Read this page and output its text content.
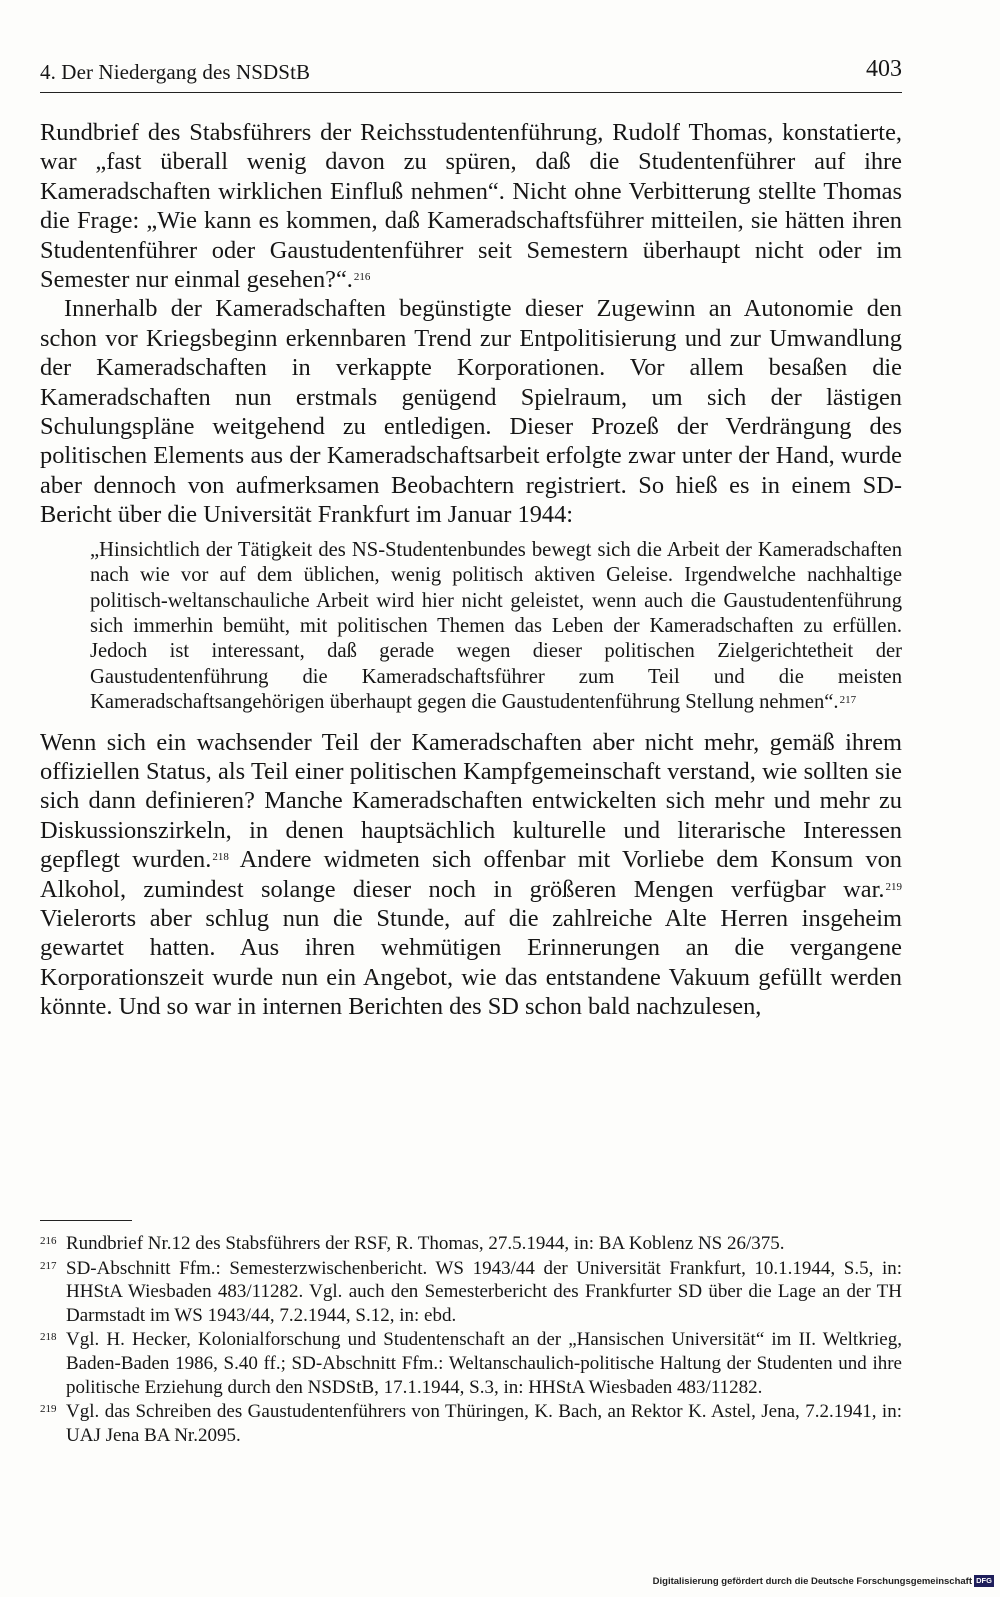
4. Der Niedergang des NSDStB	403

Rundbrief des Stabsführers der Reichsstudentenführung, Rudolf Thomas, konstatierte, war „fast überall wenig davon zu spüren, daß die Studentenführer auf ihre Kameradschaften wirklichen Einfluß nehmen“. Nicht ohne Verbitterung stellte Thomas die Frage: „Wie kann es kommen, daß Kameradschaftsführer mitteilen, sie hätten ihren Studentenführer oder Gaustudentenführer seit Semestern überhaupt nicht oder im Semester nur einmal gesehen?“.$^{216}$

Innerhalb der Kameradschaften begünstigte dieser Zugewinn an Autonomie den schon vor Kriegsbeginn erkennbaren Trend zur Entpolitisierung und zur Umwandlung der Kameradschaften in verkappte Korporationen. Vor allem besaßen die Kameradschaften nun erstmals genügend Spielraum, um sich der lästigen Schulungspläne weitgehend zu entledigen. Dieser Prozeß der Verdrängung des politischen Elements aus der Kameradschaftsarbeit erfolgte zwar unter der Hand, wurde aber dennoch von aufmerksamen Beobachtern registriert. So hieß es in einem SD-Bericht über die Universität Frankfurt im Januar 1944:

„Hinsichtlich der Tätigkeit des NS-Studentenbundes bewegt sich die Arbeit der Kameradschaften nach wie vor auf dem üblichen, wenig politisch aktiven Geleise. Irgendwelche nachhaltige politisch-weltanschauliche Arbeit wird hier nicht geleistet, wenn auch die Gaustudentenführung sich immerhin bemüht, mit politischen Themen das Leben der Kameradschaften zu erfüllen. Jedoch ist interessant, daß gerade wegen dieser politischen Zielgerichtetheit der Gaustudentenführung die Kameradschaftsführer zum Teil und die meisten Kameradschaftsangehörigen überhaupt gegen die Gaustudentenführung Stellung nehmen“.$^{217}$

Wenn sich ein wachsender Teil der Kameradschaften aber nicht mehr, gemäß ihrem offiziellen Status, als Teil einer politischen Kampfgemeinschaft verstand, wie sollten sie sich dann definieren? Manche Kameradschaften entwickelten sich mehr und mehr zu Diskussionszirkeln, in denen hauptsächlich kulturelle und literarische Interessen gepflegt wurden.$^{218}$ Andere widmeten sich offenbar mit Vorliebe dem Konsum von Alkohol, zumindest solange dieser noch in größeren Mengen verfügbar war.$^{219}$ Vielerorts aber schlug nun die Stunde, auf die zahlreiche Alte Herren insgeheim gewartet hatten. Aus ihren wehmütigen Erinnerungen an die vergangene Korporationszeit wurde nun ein Angebot, wie das entstandene Vakuum gefüllt werden könnte. Und so war in internen Berichten des SD schon bald nachzulesen,

216 Rundbrief Nr.12 des Stabsführers der RSF, R. Thomas, 27.5.1944, in: BA Koblenz NS 26/375.
217 SD-Abschnitt Ffm.: Semesterzwischenbericht. WS 1943/44 der Universität Frankfurt, 10.1.1944, S.5, in: HHStA Wiesbaden 483/11282. Vgl. auch den Semesterbericht des Frankfurter SD über die Lage an der TH Darmstadt im WS 1943/44, 7.2.1944, S.12, in: ebd.
218 Vgl. H. Hecker, Kolonialforschung und Studentenschaft an der „Hansischen Universität“ im II. Weltkrieg, Baden-Baden 1986, S.40 ff.; SD-Abschnitt Ffm.: Weltanschaulich-politische Haltung der Studenten und ihre politische Erziehung durch den NSDStB, 17.1.1944, S.3, in: HHStA Wiesbaden 483/11282.
219 Vgl. das Schreiben des Gaustudentenführers von Thüringen, K. Bach, an Rektor K. Astel, Jena, 7.2.1941, in: UAJ Jena BA Nr.2095.
Digitalisierung gefördert durch die Deutsche Forschungsgemeinschaft DFG
